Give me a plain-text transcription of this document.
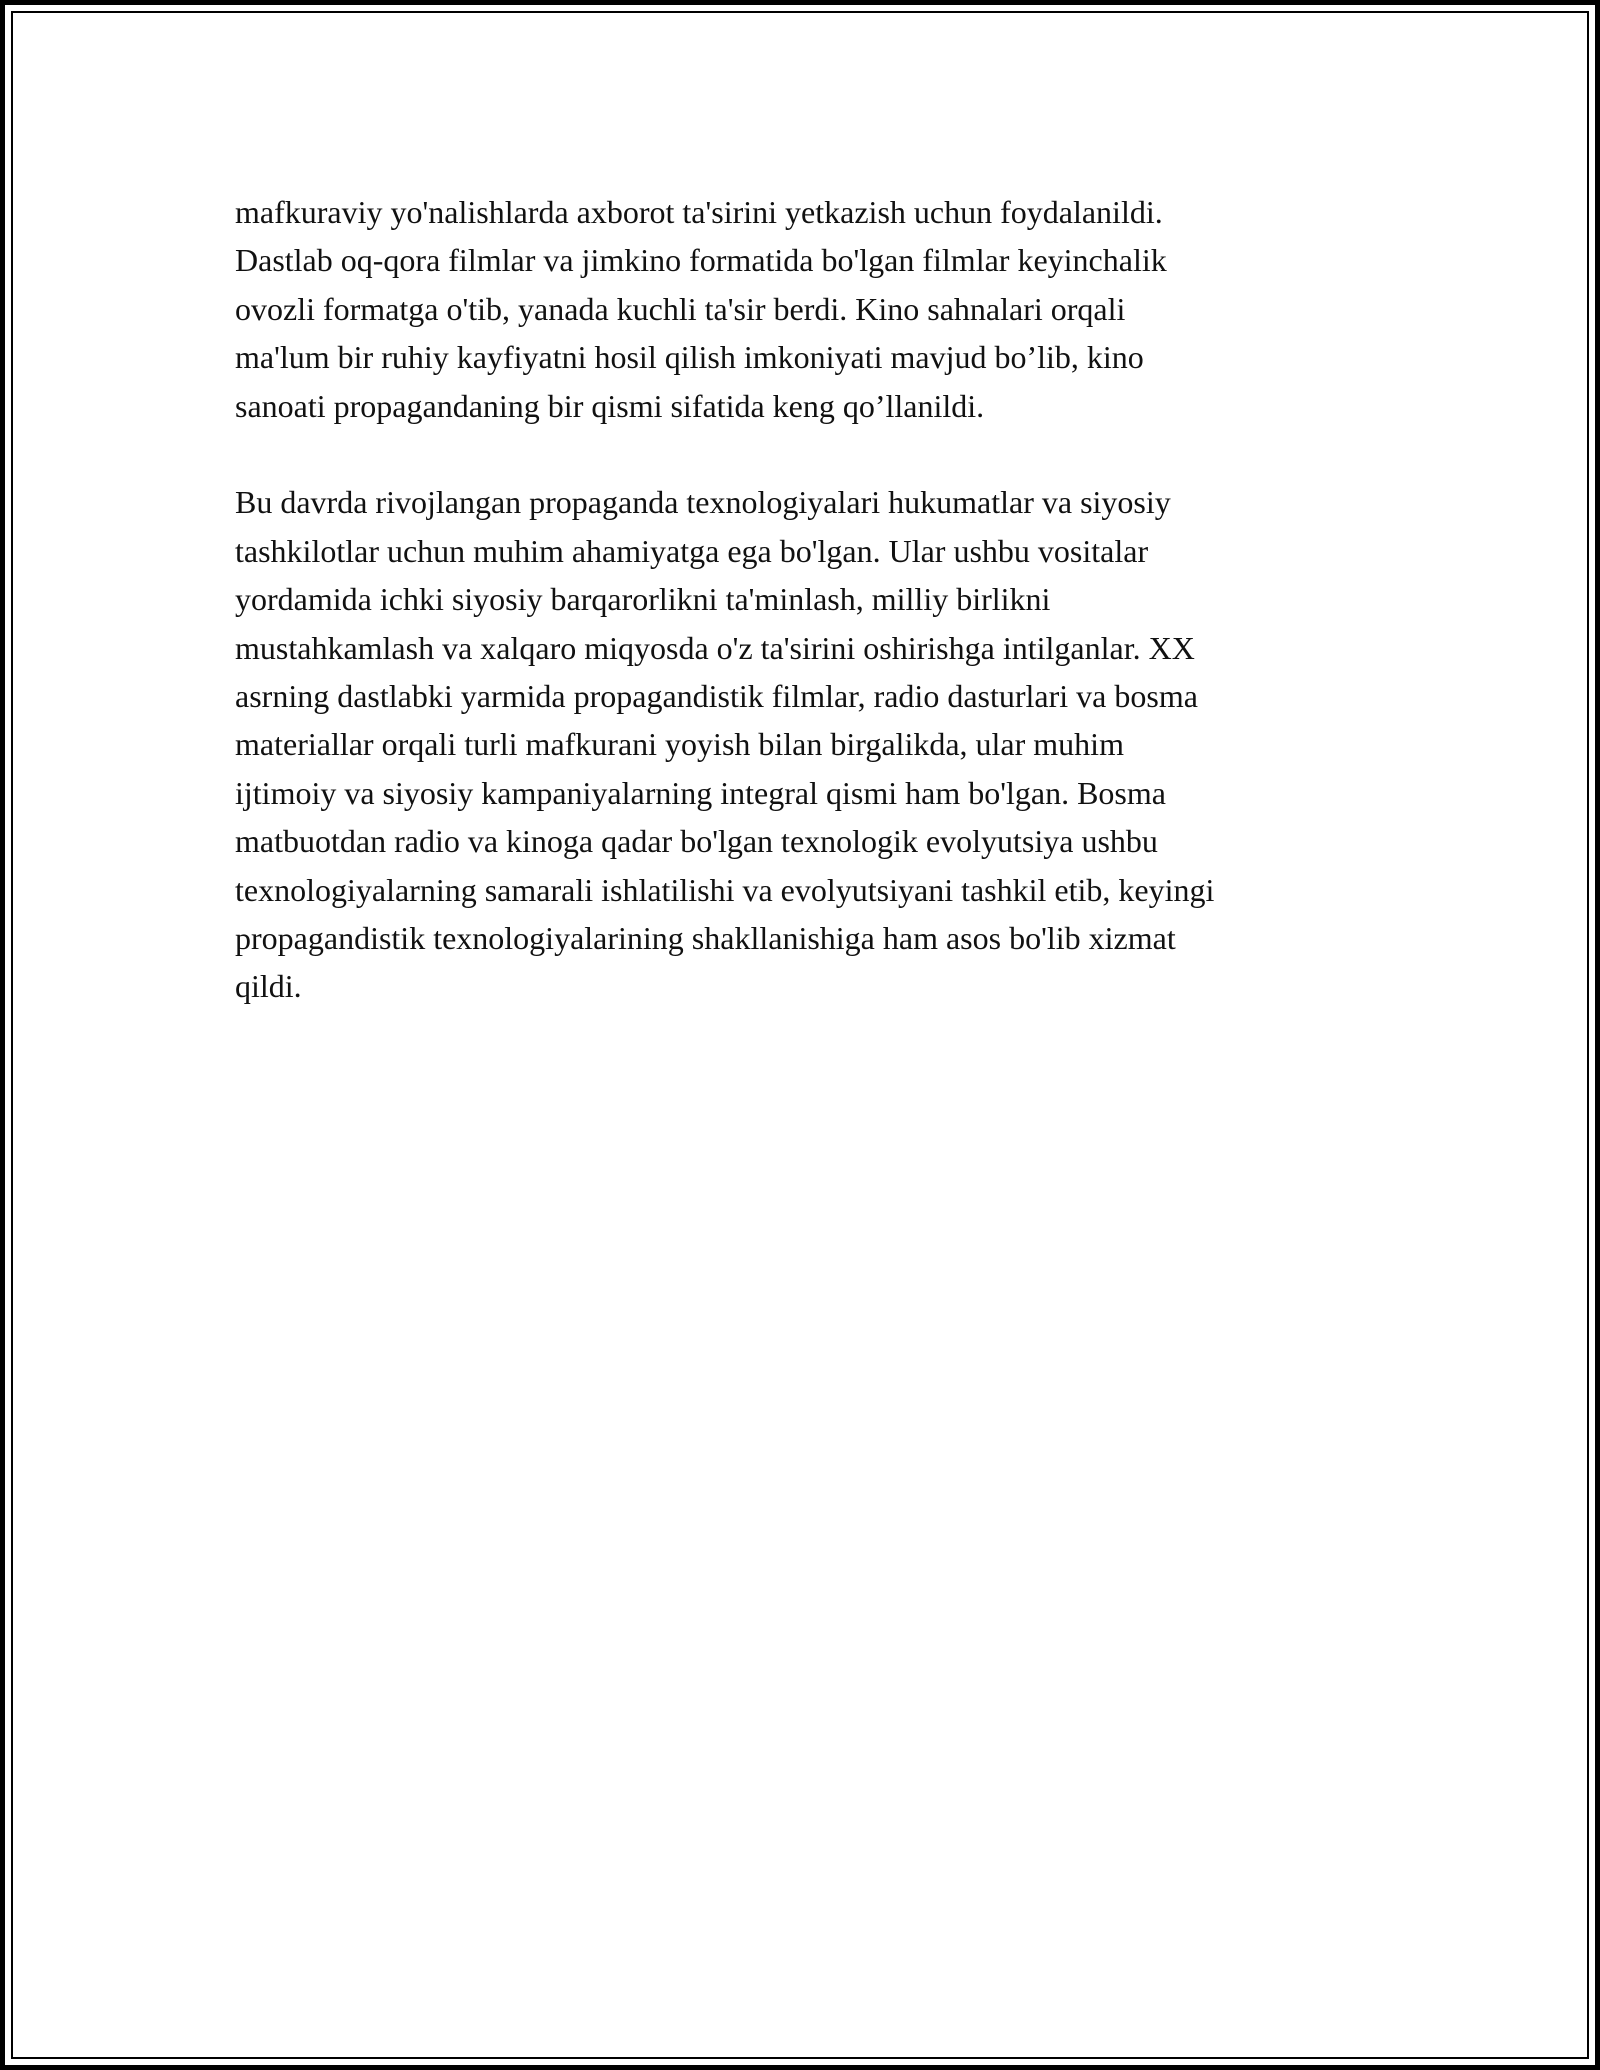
mafkuraviy yo'nalishlarda axborot ta'sirini yetkazish uchun foydalanildi.
Dastlab oq-qora filmlar va jimkino formatida bo'lgan filmlar keyinchalik
ovozli formatga o'tib, yanada kuchli ta'sir berdi. Kino sahnalari orqali
ma'lum bir ruhiy kayfiyatni hosil qilish imkoniyati mavjud bo’lib, kino
sanoati propagandaning bir qismi sifatida keng qo’llanildi.
Bu davrda rivojlangan propaganda texnologiyalari hukumatlar va siyosiy
tashkilotlar uchun muhim ahamiyatga ega bo'lgan. Ular ushbu vositalar
yordamida ichki siyosiy barqarorlikni ta'minlash, milliy birlikni
mustahkamlash va xalqaro miqyosda o'z ta'sirini oshirishga intilganlar. XX
asrning dastlabki yarmida propagandistik filmlar, radio dasturlari va bosma
materiallar orqali turli mafkurani yoyish bilan birgalikda, ular muhim
ijtimoiy va siyosiy kampaniyalarning integral qismi ham bo'lgan. Bosma
matbuotdan radio va kinoga qadar bo'lgan texnologik evolyutsiya ushbu
texnologiyalarning samarali ishlatilishi va evolyutsiyani tashkil etib, keyingi
propagandistik texnologiyalarining shakllanishiga ham asos bo'lib xizmat
qildi.
